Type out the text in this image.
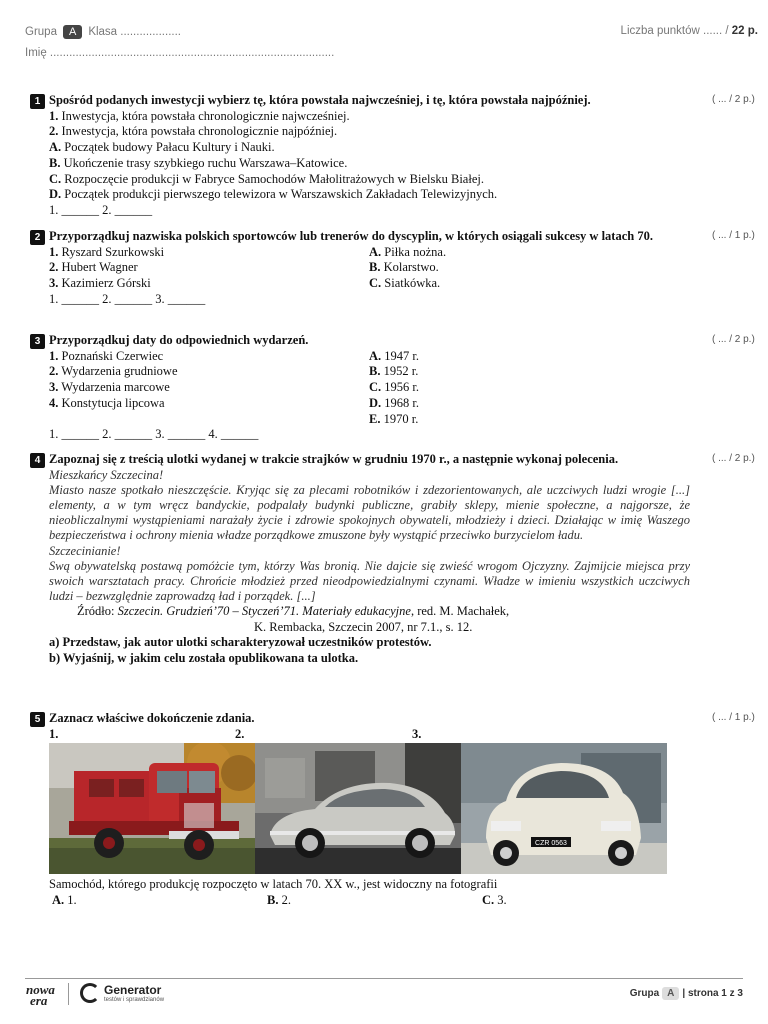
Grupa A Klasa ...................
Imię .........................................................................................
Liczba punktów ...... / 22 p.
1 Spośród podanych inwestycji wybierz tę, która powstała najwcześniej, i tę, która powstała najpóźniej.
1. Inwestycja, która powstała chronologicznie najwcześniej.
2. Inwestycja, która powstała chronologicznie najpóźniej.
A. Początek budowy Pałacu Kultury i Nauki.
B. Ukończenie trasy szybkiego ruchu Warszawa–Katowice.
C. Rozpoczęcie produkcji w Fabryce Samochodów Małolitrażowych w Bielsku Białej.
D. Początek produkcji pierwszego telewizora w Warszawskich Zakładach Telewizyjnych.
1. ______ 2. ______
( ... / 2 p.)
2 Przyporządkuj nazwiska polskich sportowców lub trenerów do dyscyplin, w których osiągali sukcesy w latach 70.
1. Ryszard Szurkowski
2. Hubert Wagner
3. Kazimierz Górski
A. Piłka nożna.
B. Kolarstwo.
C. Siatkówka.
1. ______ 2. ______ 3. ______
( ... / 1 p.)
3 Przyporządkuj daty do odpowiednich wydarzeń.
1. Poznański Czerwiec
2. Wydarzenia grudniowe
3. Wydarzenia marcowe
4. Konstytucja lipcowa
A. 1947 r.
B. 1952 r.
C. 1956 r.
D. 1968 r.
E. 1970 r.
1. ______ 2. ______ 3. ______ 4. ______
( ... / 2 p.)
4 Zapoznaj się z treścią ulotki wydanej w trakcie strajków w grudniu 1970 r., a następnie wykonaj polecenia.
Mieszkańcy Szczecina!
Miasto nasze spotkało nieszczęście. Kryjąc się za plecami robotników i zdezorientowanych, ale uczciwych ludzi wrogie [...] elementy, a w tym wręcz bandyckie, podpalały budynki publiczne, grabiły sklepy, mienie społeczne, a najgorsze, że nieobliczalnymi wystąpieniami narażały życie i zdrowie spokojnych obywateli, młodzieży i dzieci. Działając w imię Waszego bezpieczeństwa i ochrony mienia władze porządkowe zmuszone były wystąpić przeciwko burzycielom ładu.
Szczecinianie!
Swą obywatelską postawą pomóżcie tym, którzy Was bronią. Nie dajcie się zwieść wrogom Ojczyzny. Zajmijcie miejsca przy swoich warsztatach pracy. Chrońcie młodzież przed nieodpowiedzialnymi czynami. Władze w imieniu wszystkich uczciwych ludzi – bezwzględnie zaprowadzą ład i porządek. [...]
Źródło: Szczecin. Grudzień’70 – Styczeń’71. Materiały edukacyjne, red. M. Machałek,
K. Rembacka, Szczecin 2007, nr 7.1., s. 12.
a) Przedstaw, jak autor ulotki scharakteryzował uczestników protestów.
b) Wyjaśnij, w jakim celu została opublikowana ta ulotka.
( ... / 2 p.)
5 Zaznacz właściwe dokończenie zdania.
1.	2.	3.
( ... / 1 p.)
CZR 0563
Samochód, którego produkcję rozpoczęto w latach 70. XX w., jest widoczny na fotografii
A. 1.	B. 2.	C. 3.
nowa
era
Generator
testów i sprawdzianów
Grupa A | strona 1 z 3
